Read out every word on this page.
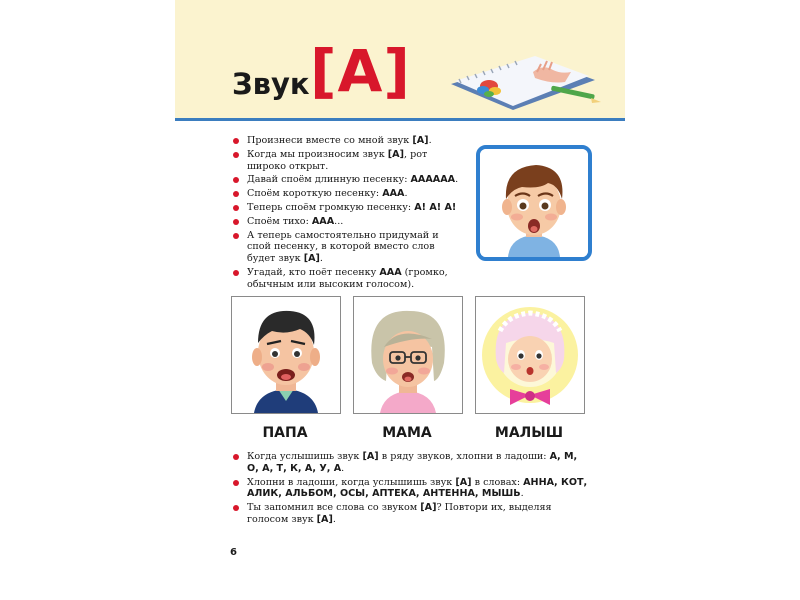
Звук [А]
Произнеси вместе со мной звук [А].
Когда мы произносим звук [А], рот широко открыт.
Давай споём длинную песенку: АААААА.
Споём короткую песенку: ААА.
Теперь споём громкую песенку: А! А! А!
Споём тихо: ААА...
А теперь самостоятельно придумай и спой песенку, в которой вместо слов будет звук [А].
Угадай, кто поёт песенку ААА (громко, обычным или высоким голосом).
ПАПА	МАМА	МАЛЫШ
Когда услышишь звук [А] в ряду звуков, хлопни в ладоши: А, М, О, А, Т, К, А, У, А.
Хлопни в ладоши, когда услышишь звук [А] в словах: АННА, КОТ, АЛИК, АЛЬБОМ, ОСЫ, АПТЕКА, АНТЕННА, МЫШЬ.
Ты запомнил все слова со звуком [А]? Повтори их, выделяя голосом звук [А].
6
